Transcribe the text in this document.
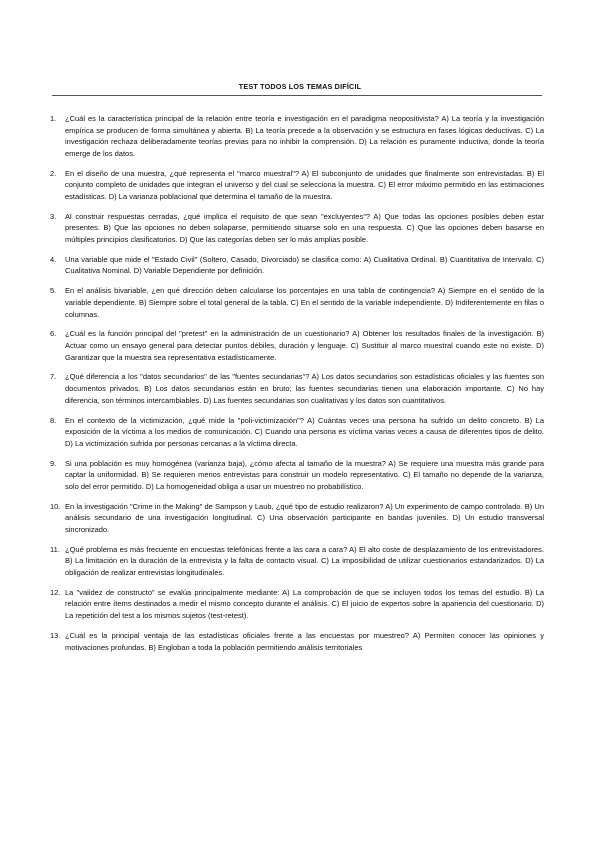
TEST TODOS LOS TEMAS DIFÍCIL
1.	¿Cuál es la característica principal de la relación entre teoría e investigación en el paradigma neopositivista? A) La teoría y la investigación empírica se producen de forma simultánea y abierta. B) La teoría precede a la observación y se estructura en fases lógicas deductivas. C) La investigación rechaza deliberadamente teorías previas para no inhibir la comprensión. D) La relación es puramente inductiva, donde la teoría emerge de los datos.
2.	En el diseño de una muestra, ¿qué representa el "marco muestral"? A) El subconjunto de unidades que finalmente son entrevistadas. B) El conjunto completo de unidades que integran el universo y del cual se selecciona la muestra. C) El error máximo permitido en las estimaciones estadísticas. D) La varianza poblacional que determina el tamaño de la muestra.
3.	Al construir respuestas cerradas, ¿qué implica el requisito de que sean "excluyentes"? A) Que todas las opciones posibles deben estar presentes. B) Que las opciones no deben solaparse, permitiendo situarse solo en una respuesta. C) Que las opciones deben basarse en múltiples principios clasificatorios. D) Que las categorías deben ser lo más amplias posible.
4.	Una variable que mide el "Estado Civil" (Soltero, Casado, Divorciado) se clasifica como: A) Cualitativa Ordinal. B) Cuantitativa de Intervalo. C) Cualitativa Nominal. D) Variable Dependiente por definición.
5.	En el análisis bivariable, ¿en qué dirección deben calcularse los porcentajes en una tabla de contingencia? A) Siempre en el sentido de la variable dependiente. B) Siempre sobre el total general de la tabla. C) En el sentido de la variable independiente. D) Indiferentemente en filas o columnas.
6.	¿Cuál es la función principal del "pretest" en la administración de un cuestionario? A) Obtener los resultados finales de la investigación. B) Actuar como un ensayo general para detectar puntos débiles, duración y lenguaje. C) Sustituir al marco muestral cuando este no existe. D) Garantizar que la muestra sea representativa estadísticamente.
7.	¿Qué diferencia a los "datos secundarios" de las "fuentes secundarias"? A) Los datos secundarios son estadísticas oficiales y las fuentes son documentos privados. B) Los datos secundarios están en bruto; las fuentes secundarias tienen una elaboración importante. C) No hay diferencia, son términos intercambiables. D) Las fuentes secundarias son cualitativas y los datos son cuantitativos.
8.	En el contexto de la victimización, ¿qué mide la "poli-victimización"? A) Cuántas veces una persona ha sufrido un delito concreto. B) La exposición de la víctima a los medios de comunicación. C) Cuando una persona es víctima varias veces a causa de diferentes tipos de delito. D) La victimización sufrida por personas cercanas a la víctima directa.
9.	Si una población es muy homogénea (varianza baja), ¿cómo afecta al tamaño de la muestra? A) Se requiere una muestra más grande para captar la uniformidad. B) Se requieren menos entrevistas para construir un modelo representativo. C) El tamaño no depende de la varianza, solo del error permitido. D) La homogeneidad obliga a usar un muestreo no probabilístico.
10. En la investigación "Crime in the Making" de Sampson y Laub, ¿qué tipo de estudio realizaron? A) Un experimento de campo controlado. B) Un análisis secundario de una investigación longitudinal. C) Una observación participante en bandas juveniles. D) Un estudio transversal sincronizado.
11. ¿Qué problema es más frecuente en encuestas telefónicas frente a las cara a cara? A) El alto coste de desplazamiento de los entrevistadores. B) La limitación en la duración de la entrevista y la falta de contacto visual. C) La imposibilidad de utilizar cuestionarios estandarizados. D) La obligación de realizar entrevistas longitudinales.
12. La "validez de constructo" se evalúa principalmente mediante: A) La comprobación de que se incluyen todos los temas del estudio. B) La relación entre ítems destinados a medir el mismo concepto durante el análisis. C) El juicio de expertos sobre la apariencia del cuestionario. D) La repetición del test a los mismos sujetos (test-retest).
13. ¿Cuál es la principal ventaja de las estadísticas oficiales frente a las encuestas por muestreo? A) Permiten conocer las opiniones y motivaciones profundas. B) Engloban a toda la población permitiendo análisis territoriales
